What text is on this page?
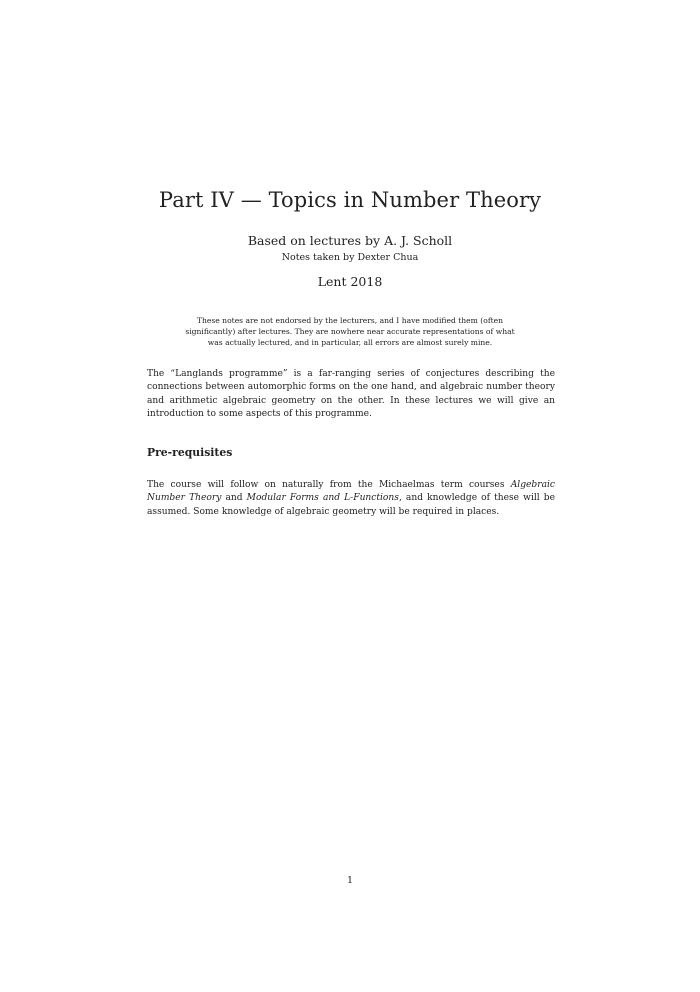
Part IV — Topics in Number Theory
Based on lectures by A. J. Scholl
Notes taken by Dexter Chua
Lent 2018
These notes are not endorsed by the lecturers, and I have modified them (often significantly) after lectures. They are nowhere near accurate representations of what was actually lectured, and in particular, all errors are almost surely mine.
The “Langlands programme” is a far-ranging series of conjectures describing the connections between automorphic forms on the one hand, and algebraic number theory and arithmetic algebraic geometry on the other. In these lectures we will give an introduction to some aspects of this programme.
Pre-requisites
The course will follow on naturally from the Michaelmas term courses Algebraic Number Theory and Modular Forms and L-Functions, and knowledge of these will be assumed. Some knowledge of algebraic geometry will be required in places.
1
